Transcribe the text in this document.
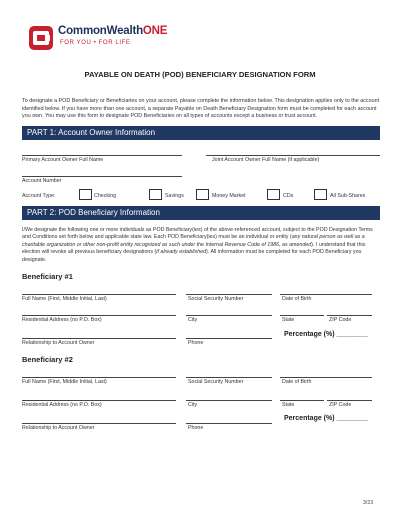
CommonWealthONE
FOR YOU • FOR LIFE
PAYABLE ON DEATH (POD) BENEFICIARY DESIGNATION FORM
To designate a POD Beneficiary or Beneficiaries on your account, please complete the information below. This designation applies only to the account identified below. If you have more than one account, a separate Payable on Death Beneficiary Designation form must be completed for each account you own. You may use this form to designate POD Beneficiaries on all types of accounts except a business or trust account.
PART 1: Account Owner Information
Primary Account Owner Full Name	Joint Account Owner Full Name (if applicable)
Account Number
Account Type:	Checking	Savings	Money Market	CDs	All Sub-Shares
PART 2: POD Beneficiary Information
I/We designate the following one or more individuals as POD Beneficiary(ies) of the above-referenced account, subject to the POD Designation Terms and Conditions set forth below and applicable state law. Each POD Beneficiary(ies) must be an individual or entity (any natural person as well as a charitable organization or other non-profit entity recognized as such under the Internal Revenue Code of 1986, as amended). I understand that this election will revoke all previous beneficiary designations (if already established). All information must be completed for each POD Beneficiary you designate.
Beneficiary #1
Full Name (First, Middle Initial, Last)	Social Security Number	Date of Birth
Residential Address (no P.O. Box)	City	State	ZIP Code
Percentage (%) ________
Relationship to Account Owner	Phone
Beneficiary #2
Full Name (First, Middle Initial, Last)	Social Security Number	Date of Birth
Residential Address (no P.O. Box)	City	State	ZIP Code
Percentage (%) ________
Relationship to Account Owner	Phone
3/23
